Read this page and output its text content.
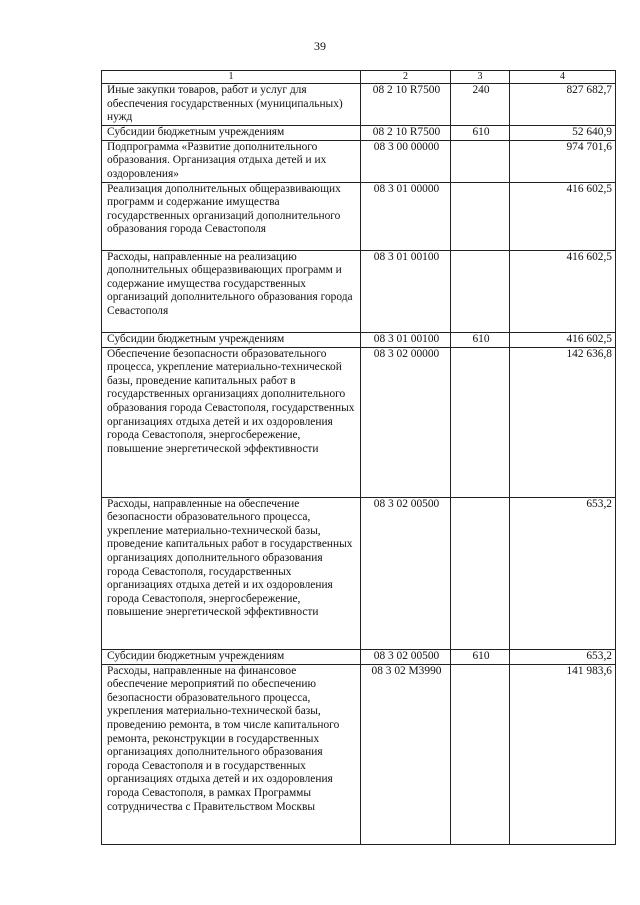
39
1	2	3	4
Иные закупки товаров, работ и услуг для обеспечения государственных (муниципальных) нужд	08 2 10 R7500	240	827 682,7
Субсидии бюджетным учреждениям	08 2 10 R7500	610	52 640,9
Подпрограмма «Развитие дополнительного образования. Организация отдыха детей и их оздоровления»	08 3 00 00000		974 701,6
Реализация дополнительных общеразвивающих программ и содержание имущества государственных организаций дополнительного образования города Севастополя	08 3 01 00000		416 602,5
Расходы, направленные на реализацию дополнительных общеразвивающих программ и содержание имущества государственных организаций дополнительного образования города Севастополя	08 3 01 00100		416 602,5
Субсидии бюджетным учреждениям	08 3 01 00100	610	416 602,5
Обеспечение безопасности образовательного процесса, укрепление материально-технической базы, проведение капитальных работ в государственных организациях дополнительного образования города Севастополя, государственных организациях отдыха детей и их оздоровления города Севастополя, энергосбережение, повышение энергетической эффективности	08 3 02 00000		142 636,8
Расходы, направленные на обеспечение безопасности образовательного процесса, укрепление материально-технической базы, проведение капитальных работ в государственных организациях дополнительного образования города Севастополя, государственных организациях отдыха детей и их оздоровления города Севастополя, энергосбережение, повышение энергетической эффективности	08 3 02 00500		653,2
Субсидии бюджетным учреждениям	08 3 02 00500	610	653,2
Расходы, направленные на финансовое обеспечение мероприятий по обеспечению безопасности образовательного процесса, укрепления материально-технической базы, проведению ремонта, в том числе капитального ремонта, реконструкции в государственных организациях дополнительного образования города Севастополя и в государственных организациях отдыха детей и их оздоровления города Севастополя, в рамках Программы сотрудничества с Правительством Москвы	08 3 02 М3990		141 983,6
